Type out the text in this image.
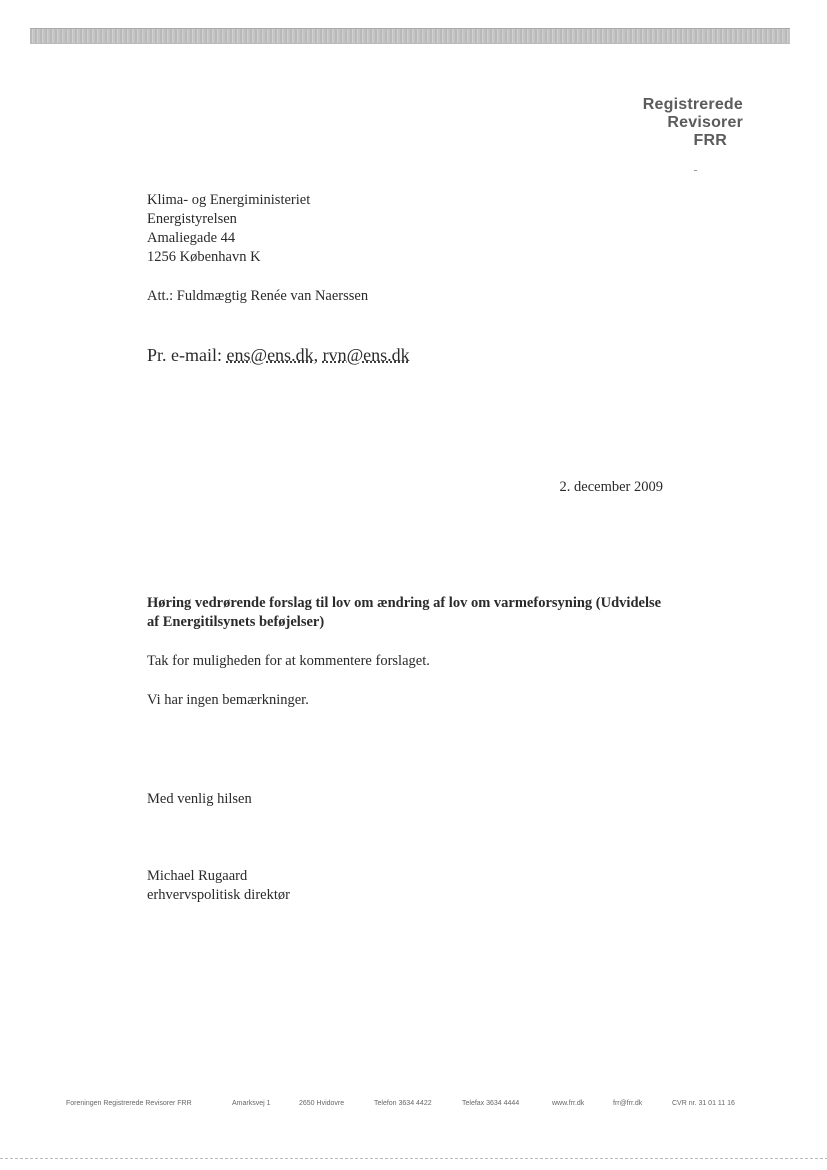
Registrerede
Revisorer
FRR
Klima- og Energiministeriet
Energistyrelsen
Amaliegade 44
1256 København K
Att.: Fuldmægtig Renée van Naerssen
Pr. e-mail: ens@ens.dk, rvn@ens.dk
2. december 2009
Høring vedrørende forslag til lov om ændring af lov om varmeforsyning (Udvidelse af Energitilsynets beføjelser)
Tak for muligheden for at kommentere forslaget.
Vi har ingen bemærkninger.
Med venlig hilsen
Michael Rugaard
erhvervspolitisk direktør
Foreningen Registrerede Revisorer FRR	Amarksvej 1	2650 Hvidovre	Telefon 3634 4422	Telefax 3634 4444	www.frr.dk	frr@frr.dk	CVR nr. 31 01 11 16
